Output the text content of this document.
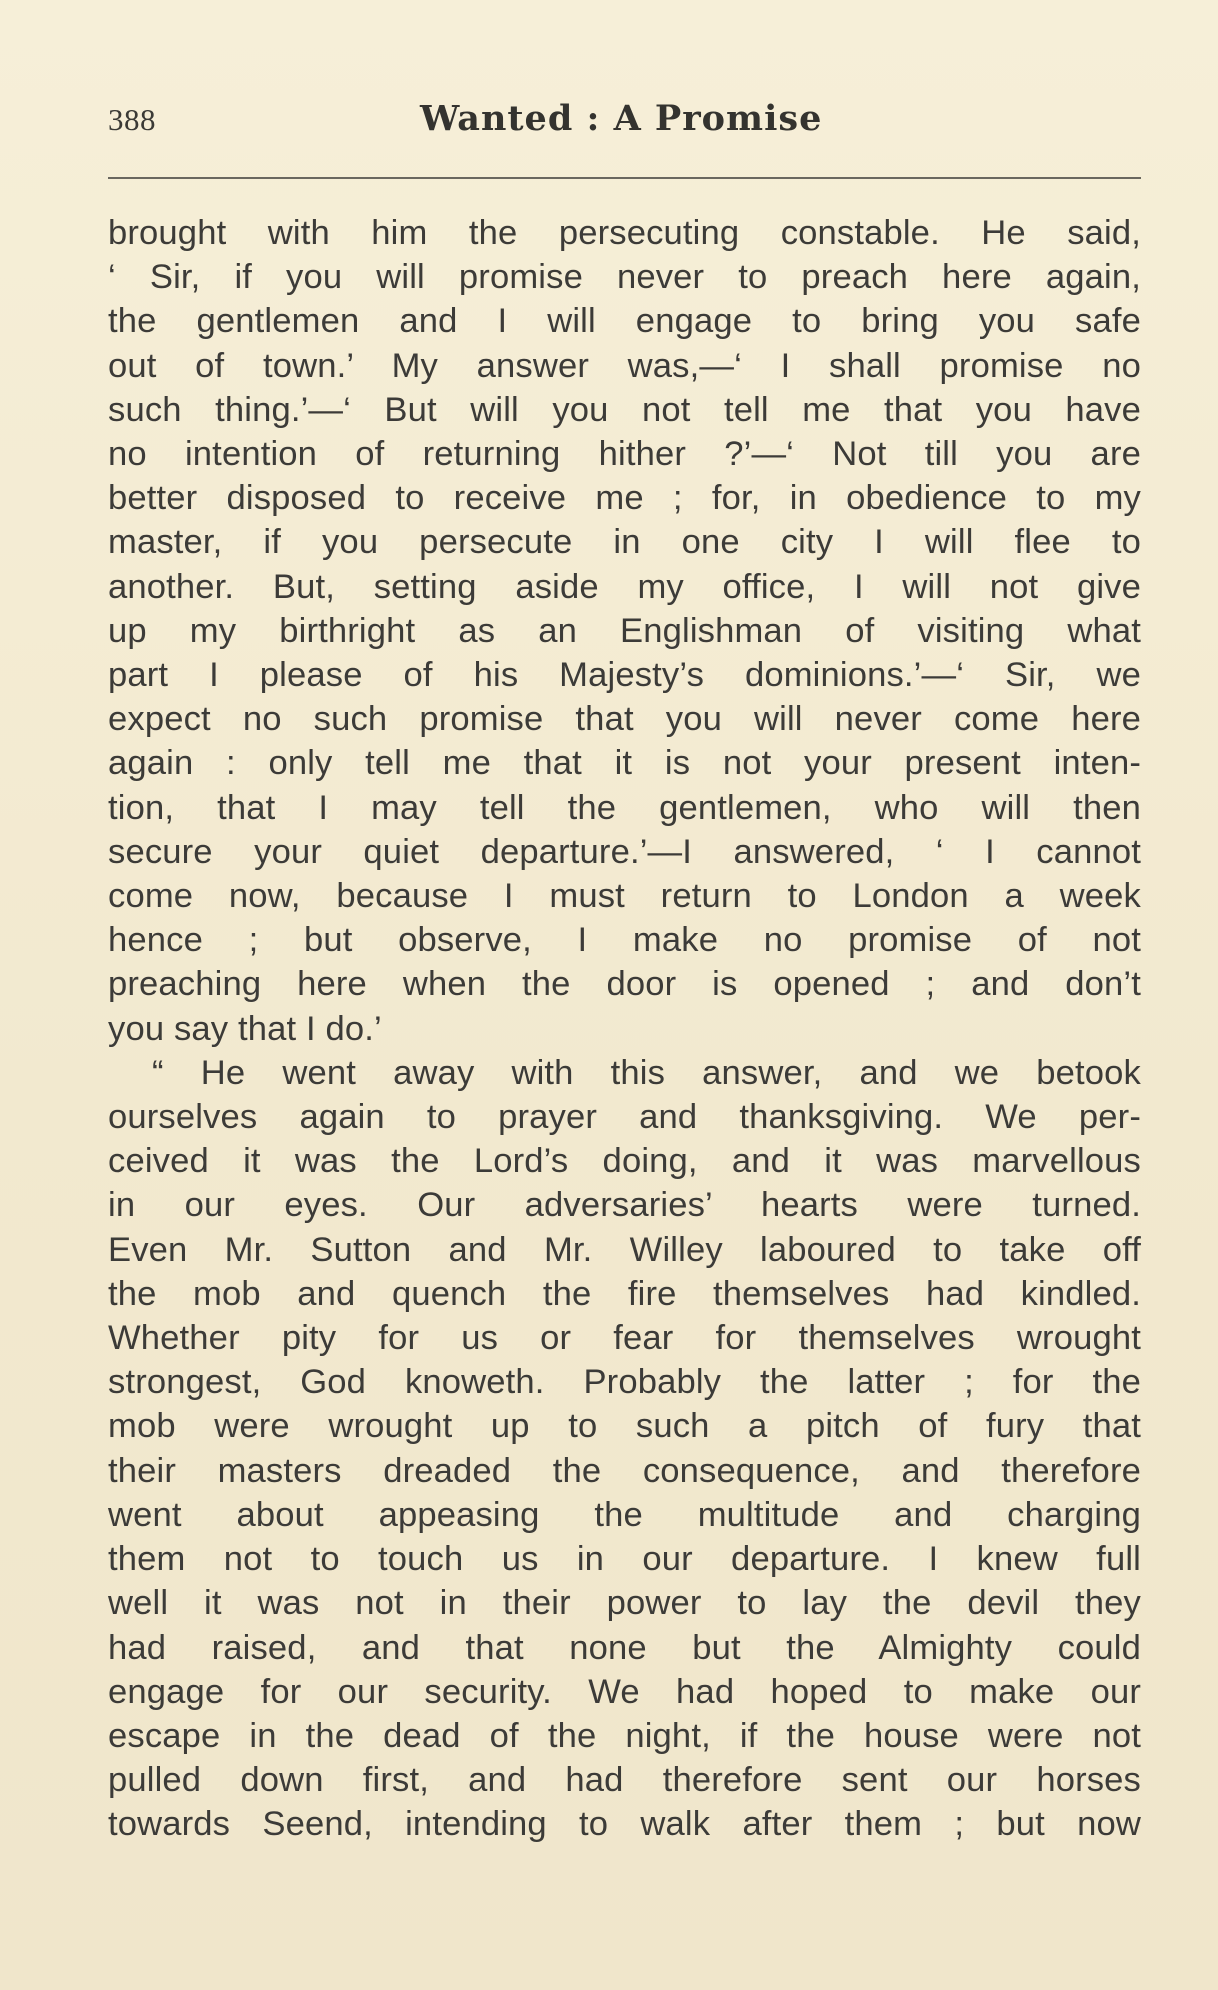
388	Wanted : A Promise
brought with him the persecuting constable. He said,
‘ Sir, if you will promise never to preach here again,
the gentlemen and I will engage to bring you safe
out of town.’ My answer was,—‘ I shall promise no
such thing.’—‘ But will you not tell me that you have
no intention of returning hither ?’—‘ Not till you are
better disposed to receive me ; for, in obedience to my
master, if you persecute in one city I will flee to
another. But, setting aside my office, I will not give
up my birthright as an Englishman of visiting what
part I please of his Majesty’s dominions.’—‘ Sir, we
expect no such promise that you will never come here
again : only tell me that it is not your present inten-
tion, that I may tell the gentlemen, who will then
secure your quiet departure.’—I answered, ‘ I cannot
come now, because I must return to London a week
hence ; but observe, I make no promise of not
preaching here when the door is opened ; and don’t
you say that I do.’
“ He went away with this answer, and we betook
ourselves again to prayer and thanksgiving. We per-
ceived it was the Lord’s doing, and it was marvellous
in our eyes. Our adversaries’ hearts were turned.
Even Mr. Sutton and Mr. Willey laboured to take off
the mob and quench the fire themselves had kindled.
Whether pity for us or fear for themselves wrought
strongest, God knoweth. Probably the latter ; for the
mob were wrought up to such a pitch of fury that
their masters dreaded the consequence, and therefore
went about appeasing the multitude and charging
them not to touch us in our departure. I knew full
well it was not in their power to lay the devil they
had raised, and that none but the Almighty could
engage for our security. We had hoped to make our
escape in the dead of the night, if the house were not
pulled down first, and had therefore sent our horses
towards Seend, intending to walk after them ; but now
